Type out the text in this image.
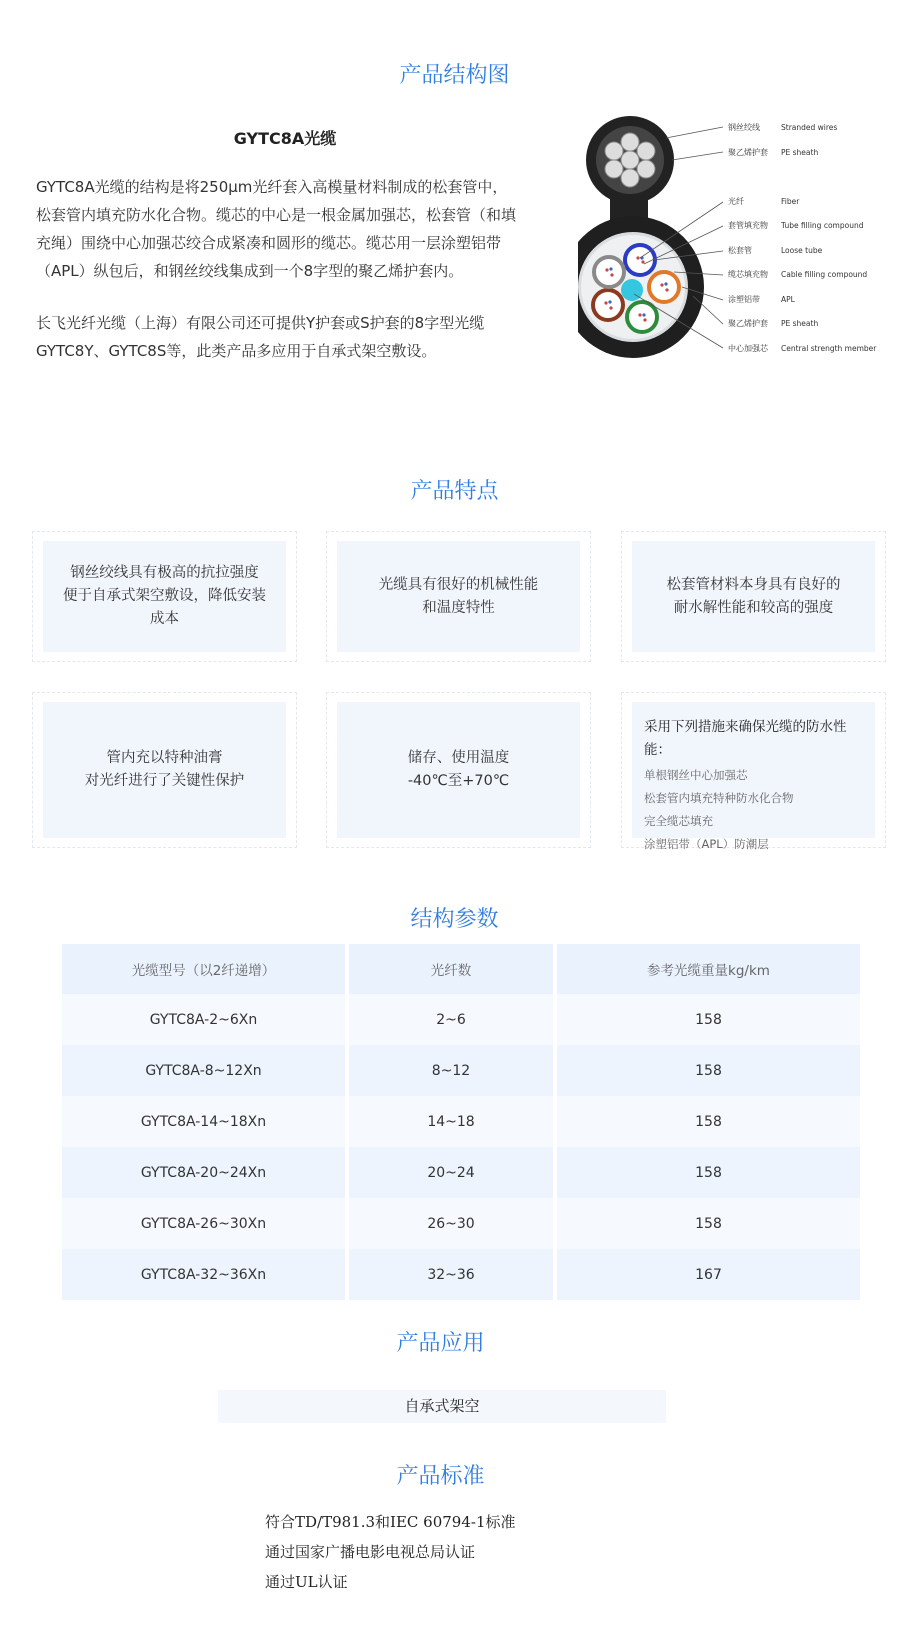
产品结构图
产品特点
结构参数
产品应用
产品标准
GYTC8A光缆
GYTC8A光缆的结构是将250μm光纤套入高模量材料制成的松套管中，松套管内填充防水化合物。缆芯的中心是一根金属加强芯，松套管（和填充绳）围绕中心加强芯绞合成紧凑和圆形的缆芯。缆芯用一层涂塑铝带（APL）纵包后，和钢丝绞线集成到一个8字型的聚乙烯护套内。
长飞光纤光缆（上海）有限公司还可提供Y护套或S护套的8字型光缆GYTC8Y、GYTC8S等，此类产品多应用于自承式架空敷设。
钢丝绞线	Stranded wires
聚乙烯护套 PE sheath
光纤	Fiber
套管填充物 Tube filling compound
松套管	Loose tube
缆芯填充物 Cable filling compound
涂塑铝带	APL
聚乙烯护套 PE sheath
中心加强芯 Central strength member
钢丝绞线具有极高的抗拉强度
便于自承式架空敷设，降低安装
成本
光缆具有很好的机械性能
和温度特性
松套管材料本身具有良好的
耐水解性能和较高的强度
管内充以特种油膏
对光纤进行了关键性保护
储存、使用温度
-40℃至+70℃
采用下列措施来确保光缆的防水性能：
单根钢丝中心加强芯
松套管内填充特种防水化合物
完全缆芯填充
涂塑铝带（APL）防潮层
光缆型号（以2纤递增）	光纤数	参考光缆重量kg/km
GYTC8A-2~6Xn	2~6	158
GYTC8A-8~12Xn	8~12	158
GYTC8A-14~18Xn	14~18	158
GYTC8A-20~24Xn	20~24	158
GYTC8A-26~30Xn	26~30	158
GYTC8A-32~36Xn	32~36	167
自承式架空
符合TD/T981.3和IEC 60794-1标准
通过国家广播电影电视总局认证
通过UL认证
